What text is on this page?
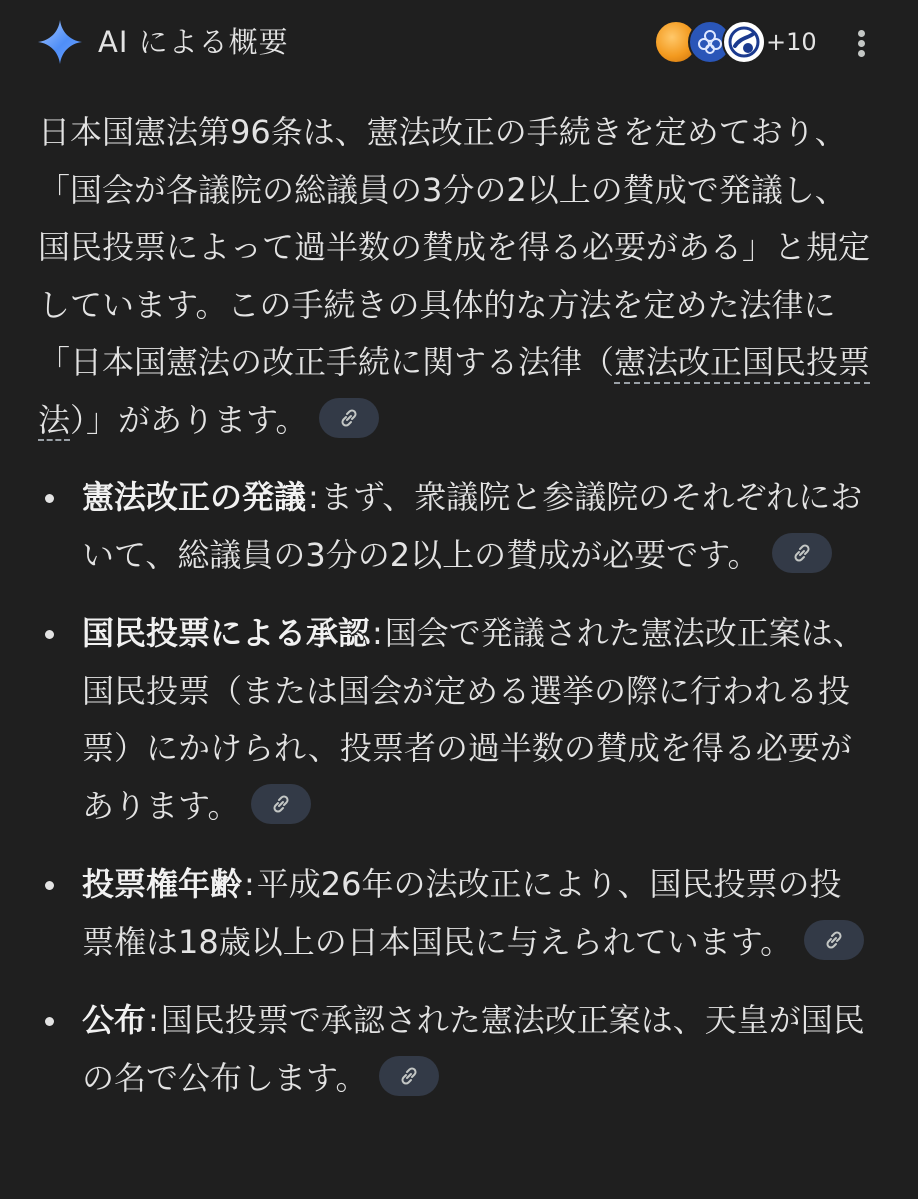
AI による概要	+10

日本国憲法第96条は、憲法改正の手続きを定めており、「国会が各議院の総議員の3分の2以上の賛成で発議し、国民投票によって過半数の賛成を得る必要がある」と規定しています。この手続きの具体的な方法を定めた法律に「日本国憲法の改正手続に関する法律（憲法改正国民投票法）」があります。

憲法改正の発議:まず、衆議院と参議院のそれぞれにおいて、総議員の3分の2以上の賛成が必要です。
国民投票による承認:国会で発議された憲法改正案は、国民投票（または国会が定める選挙の際に行われる投票）にかけられ、投票者の過半数の賛成を得る必要があります。
投票権年齢:平成26年の法改正により、国民投票の投票権は18歳以上の日本国民に与えられています。
公布:国民投票で承認された憲法改正案は、天皇が国民の名で公布します。
